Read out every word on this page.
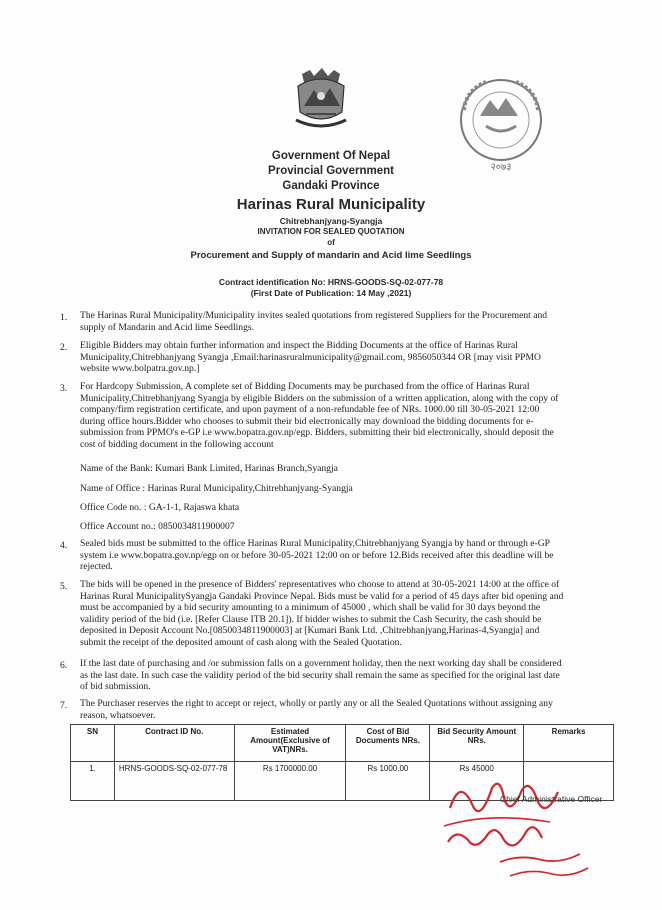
२०७३
Government Of Nepal
Provincial Government
Gandaki Province
Harinas Rural Municipality
Chitrebhanjyang-Syangja
INVITATION FOR SEALED QUOTATION
of
Procurement and Supply of mandarin and Acid lime Seedlings
Contract identification No: HRNS-GOODS-SQ-02-077-78
(First Date of Publication: 14 May ,2021)
1. The Harinas Rural Municipality/Municipality invites sealed quotations from registered Suppliers for the Procurement and
supply of Mandarin and Acid lime Seedlings.
2. Eligible Bidders may obtain further information and inspect the Bidding Documents at the office of Harinas Rural
Municipality,Chitrebhanjyang Syangja ,Email:harinasruralmunicipality@gmail.com, 9856050344 OR [may visit PPMO
website www.bolpatra.gov.np.]
3. For Hardcopy Submission, A complete set of Bidding Documents may be purchased from the office of Harinas Rural
Municipality,Chitrebhanjyang Syangja by eligible Bidders on the submission of a written application, along with the copy of
company/firm registration certificate, and upon payment of a non-refundable fee of NRs. 1000.00 till 30-05-2021 12:00
during office hours.Bidder who chooses to submit their bid electronically may download the bidding documents for e-
submission from PPMO's e-GP i.e www.bopatra.gov.np/egp. Bidders, submitting their bid electronically, should deposit the
cost of bidding document in the following account
Name of the Bank: Kumari Bank Limited, Harinas Branch,Syangja
Name of Office : Harinas Rural Municipality,Chitrebhanjyang-Syangja
Office Code no. : GA-1-1, Rajaswa khata
Office Account no.: 0850034811900007
4. Sealed bids must be submitted to the office Harinas Rural Municipality,Chitrebhanjyang Syangja by hand or through e-GP
system i.e www.bopatra.gov.np/egp on or before 30-05-2021 12:00 on or before 12.Bids received after this deadline will be
rejected.
5. The bids will be opened in the presence of Bidders' representatives who choose to attend at 30-05-2021 14:00 at the office of
Harinas Rural MunicipalitySyangja Gandaki Province Nepal. Bids must be valid for a period of 45 days after bid opening and
must be accompanied by a bid security amounting to a minimum of 45000 , which shall be valid for 30 days beyond the
validity period of the bid (i.e. [Refer Clause ITB 20.1]). If bidder wishes to submit the Cash Security, the cash should be
deposited in Deposit Account No.[0850034811900003] at [Kumari Bank Ltd. ,Chitrebhanjyang,Harinas-4,Syangja] and
submit the receipt of the deposited amount of cash along with the Sealed Quotation.
6. If the last date of purchasing and /or submission falls on a government holiday, then the next working day shall be considered
as the last date. In such case the validity period of the bid security shall remain the same as specified for the original last date
of bid submission.
7. The Purchaser reserves the right to accept or reject, wholly or partly any or all the Sealed Quotations without assigning any
reason, whatsoever.
SN	Contract ID No.	Estimated Amount(Exclusive of VAT)NRs.	Cost of Bid Documents NRs.	Bid Security Amount NRs.	Remarks
1.	HRNS-GOODS-SQ-02-077-78	Rs 1700000.00	Rs 1000.00	Rs 45000	
Chief Administrative Officer
